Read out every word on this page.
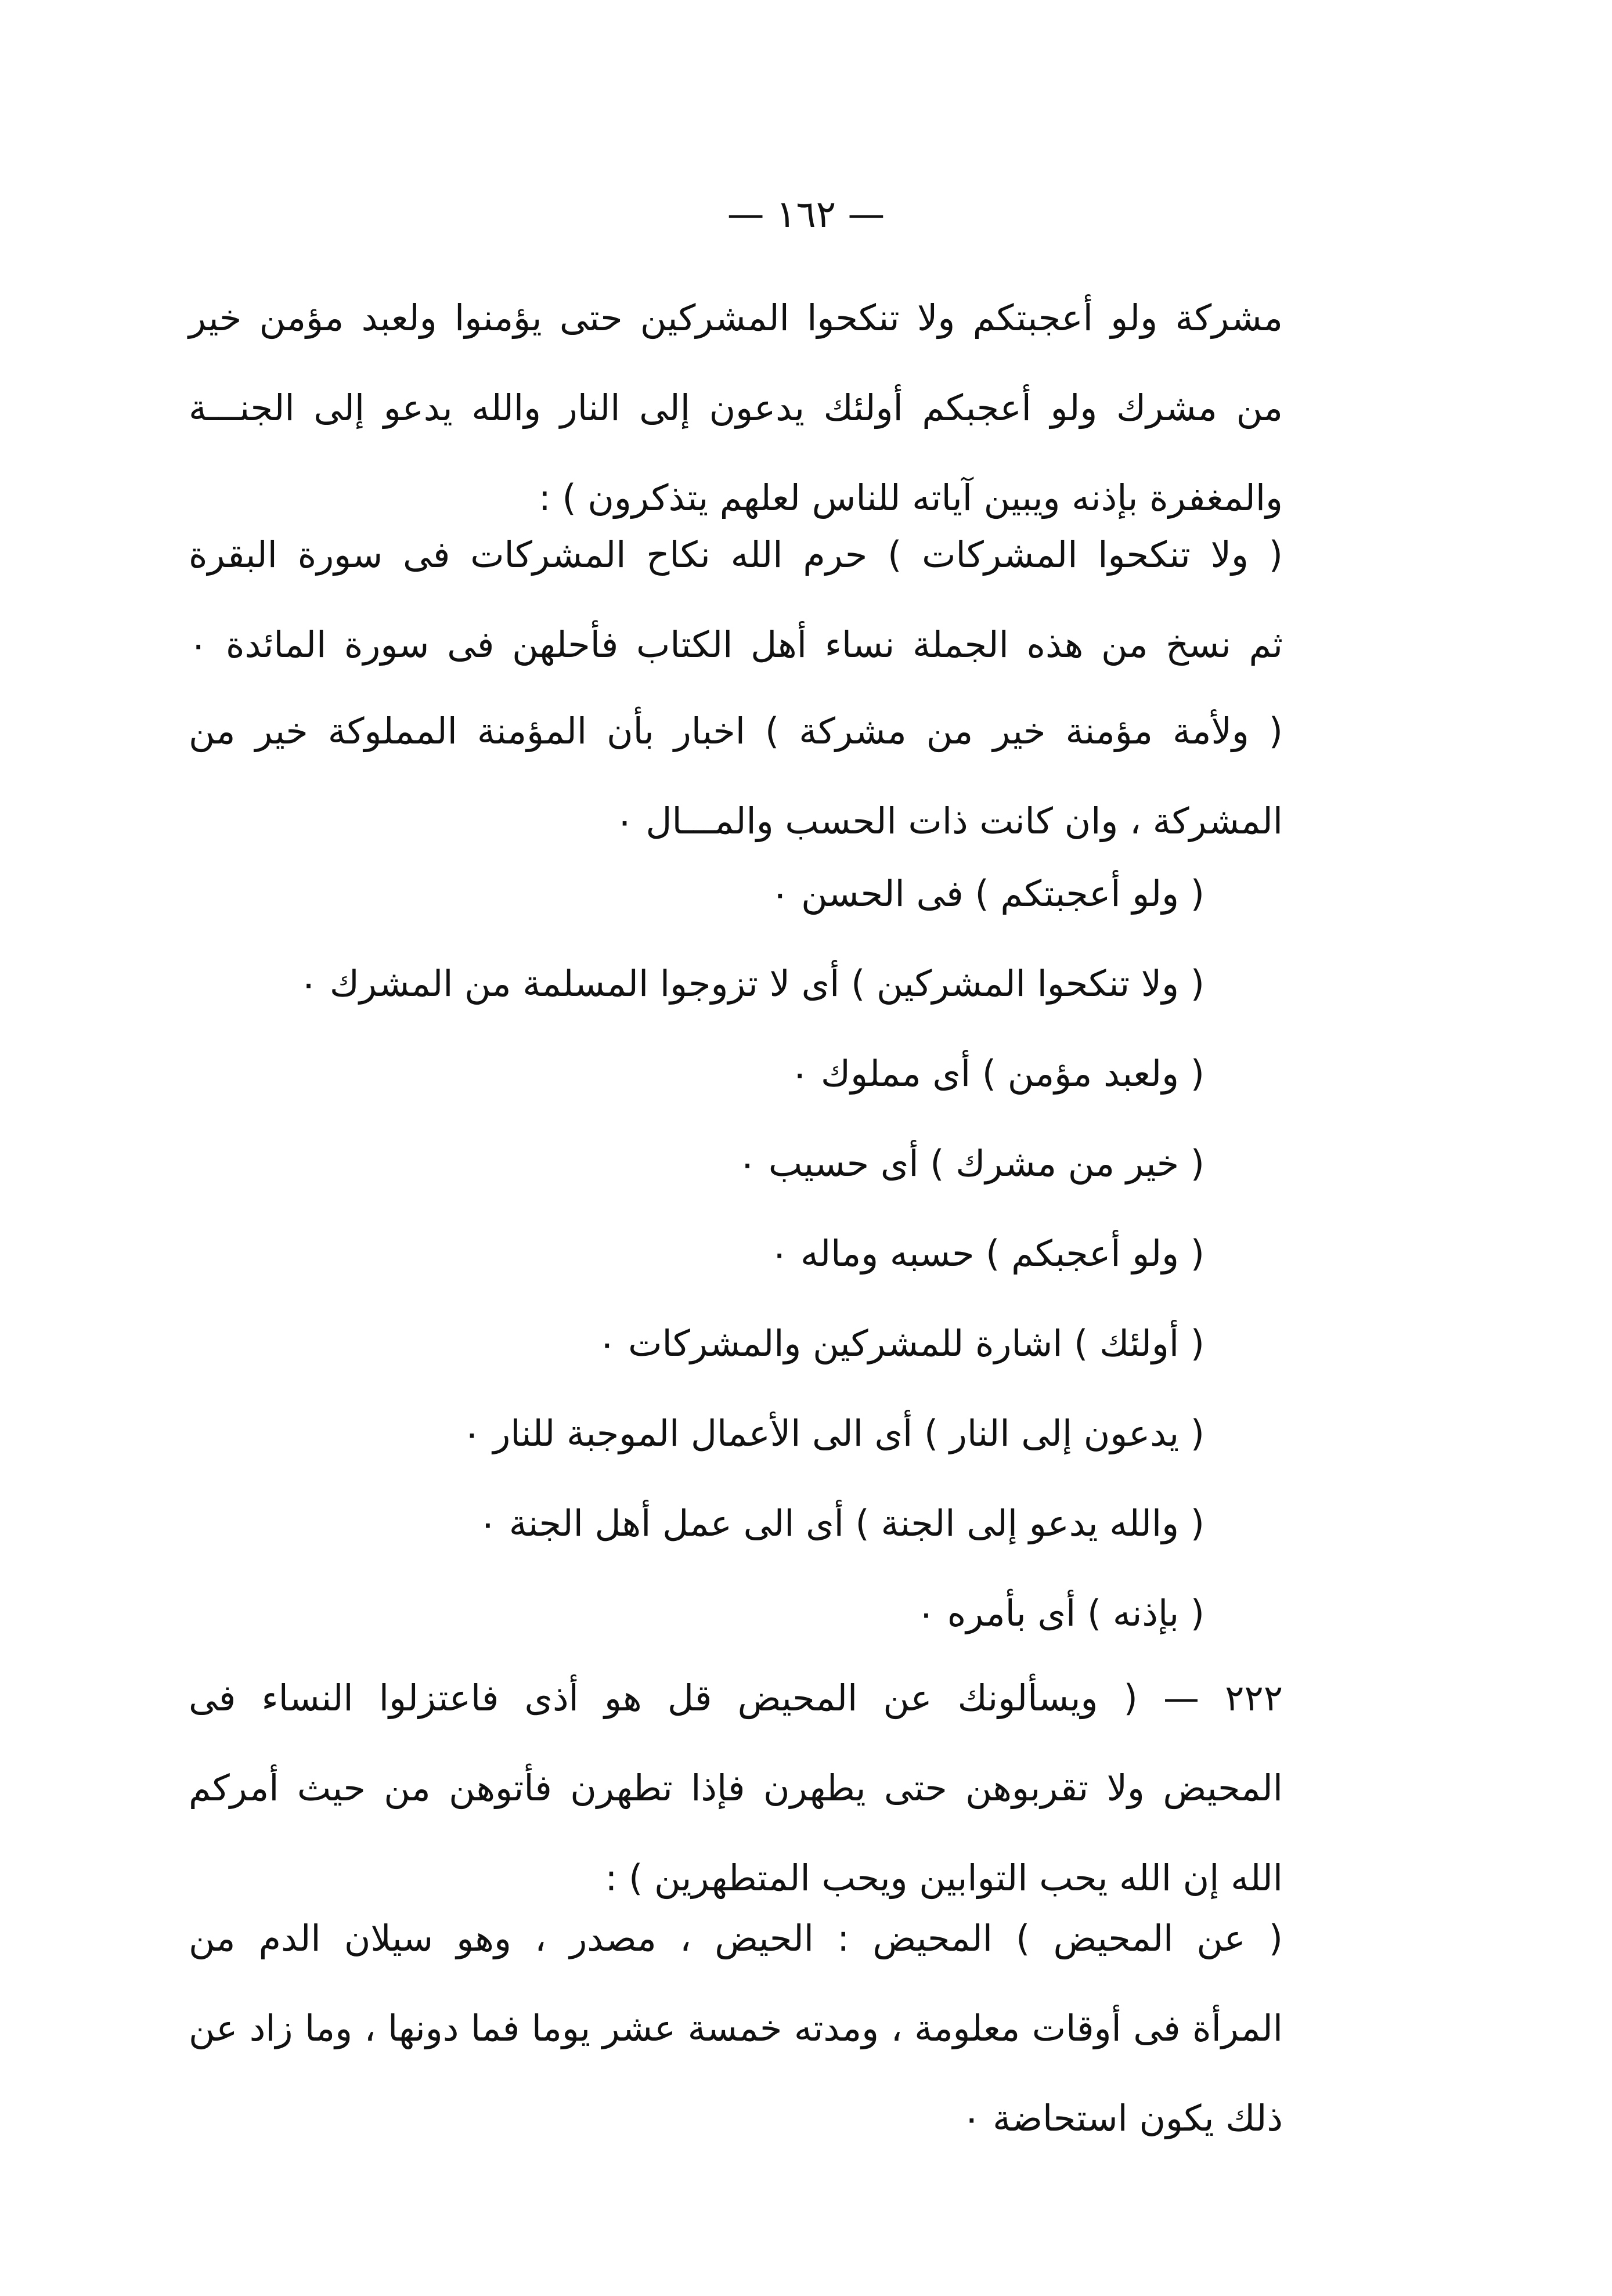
— ١٦٢ —
مشركة ولو أعجبتكم ولا تنكحوا المشركين حتى يؤمنوا ولعبد مؤمن خير
من مشرك ولو أعجبكم أولئك يدعون إلى النار والله يدعو إلى الجنـــة
والمغفرة بإذنه ويبين آياته للناس لعلهم يتذكرون ) :
( ولا تنكحوا المشركات ) حرم الله نكاح المشركات فى سورة البقرة
ثم نسخ من هذه الجملة نساء أهل الكتاب فأحلهن فى سورة المائدة ٠
( ولأمة مؤمنة خير من مشركة ) اخبار بأن المؤمنة المملوكة خير من
المشركة ، وان كانت ذات الحسب والمـــال ٠
( ولو أعجبتكم ) فى الحسن ٠
( ولا تنكحوا المشركين ) أى لا تزوجوا المسلمة من المشرك ٠
( ولعبد مؤمن ) أى مملوك ٠
( خير من مشرك ) أى حسيب ٠
( ولو أعجبكم ) حسبه وماله ٠
( أولئك ) اشارة للمشركين والمشركات ٠
( يدعون إلى النار ) أى الى الأعمال الموجبة للنار ٠
( والله يدعو إلى الجنة ) أى الى عمل أهل الجنة ٠
( بإذنه ) أى بأمره ٠
٢٢٢ — ( ويسألونك عن المحيض قل هو أذى فاعتزلوا النساء فى
المحيض ولا تقربوهن حتى يطهرن فإذا تطهرن فأتوهن من حيث أمركم
الله إن الله يحب التوابين ويحب المتطهرين ) :
( عن المحيض ) المحيض : الحيض ، مصدر ، وهو سيلان الدم من
المرأة فى أوقات معلومة ، ومدته خمسة عشر يوما فما دونها ، وما زاد عن
ذلك يكون استحاضة ٠
